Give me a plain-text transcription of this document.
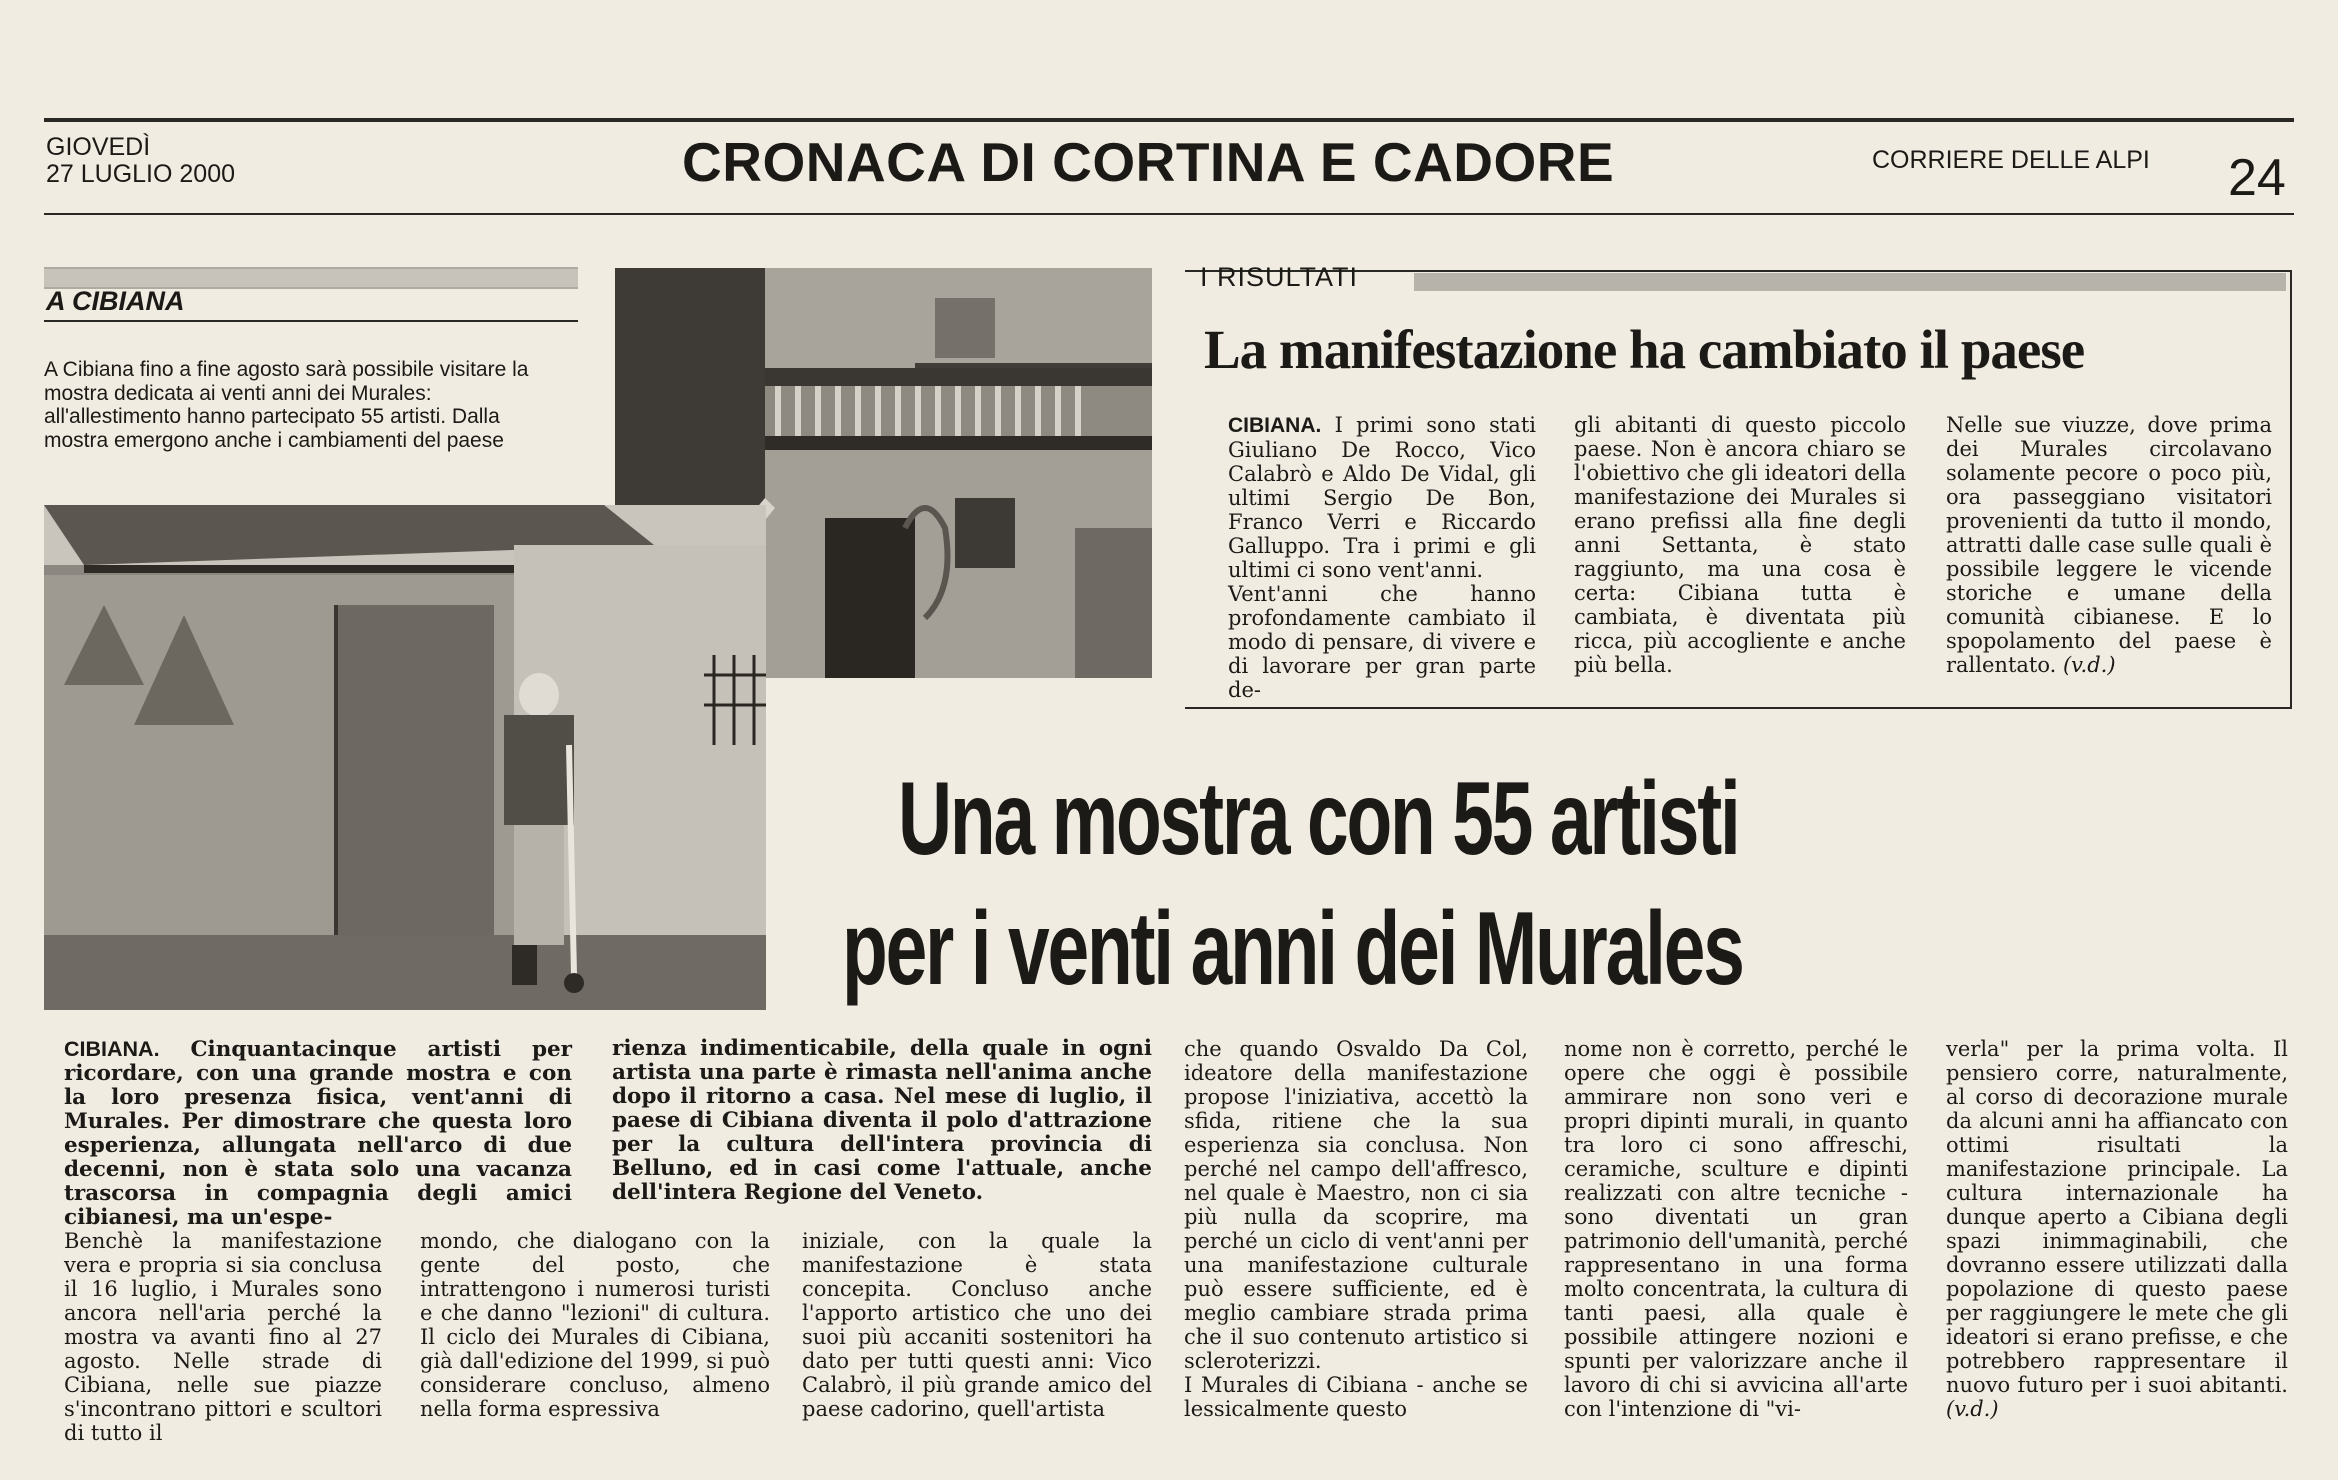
GIOVEDÌ
27 LUGLIO 2000	CRONACA DI CORTINA E CADORE	CORRIERE DELLE ALPI 24
A CIBIANA
A Cibiana fino a fine agosto sarà possibile visitare la mostra dedicata ai venti anni dei Murales: all'allestimento hanno partecipato 55 artisti. Dalla mostra emergono anche i cambiamenti del paese
I RISULTATI
La manifestazione ha cambiato il paese

CIBIANA. I primi sono stati Giuliano De Rocco, Vico Calabrò e Aldo De Vidal, gli ultimi Sergio De Bon, Franco Verri e Riccardo Galluppo. Tra i primi e gli ultimi ci sono vent'anni.

Vent'anni che hanno profondamente cambiato il modo di pensare, di vivere e di lavorare per gran parte de-

gli abitanti di questo piccolo paese. Non è ancora chiaro se l'obiettivo che gli ideatori della manifestazione dei Murales si erano prefissi alla fine degli anni Settanta, è stato raggiunto, ma una cosa è certa: Cibiana tutta è cambiata, è diventata più ricca, più accogliente e anche più bella.

Nelle sue viuzze, dove prima dei Murales circolavano solamente pecore o poco più, ora passeggiano visitatori provenienti da tutto il mondo, attratti dalle case sulle quali è possibile leggere le vicende storiche e umane della comunità cibianese. E lo spopolamento del paese è rallentato. (v.d.)

Una mostra con 55 artisti
per i venti anni dei Murales

CIBIANA. Cinquantacinque artisti per ricordare, con una grande mostra e con la loro presenza fisica, vent'anni di Murales. Per dimostrare che questa loro esperienza, allungata nell'arco di due decenni, non è stata solo una vacanza trascorsa in compagnia degli amici cibianesi, ma un'espe-

rienza indimenticabile, della quale in ogni artista una parte è rimasta nell'anima anche dopo il ritorno a casa. Nel mese di luglio, il paese di Cibiana diventa il polo d'attrazione per la cultura dell'intera provincia di Belluno, ed in casi come l'attuale, anche dell'intera Regione del Veneto.

Benchè la manifestazione vera e propria si sia conclusa il 16 luglio, i Murales sono ancora nell'aria perché la mostra va avanti fino al 27 agosto. Nelle strade di Cibiana, nelle sue piazze s'incontrano pittori e scultori di tutto il

mondo, che dialogano con la gente del posto, che intrattengono i numerosi turisti e che danno "lezioni" di cultura. Il ciclo dei Murales di Cibiana, già dall'edizione del 1999, si può considerare concluso, almeno nella forma espressiva

iniziale, con la quale la manifestazione è stata concepita. Concluso anche l'apporto artistico che uno dei suoi più accaniti sostenitori ha dato per tutti questi anni: Vico Calabrò, il più grande amico del paese cadorino, quell'artista

che quando Osvaldo Da Col, ideatore della manifestazione propose l'iniziativa, accettò la sfida, ritiene che la sua esperienza sia conclusa. Non perché nel campo dell'affresco, nel quale è Maestro, non ci sia più nulla da scoprire, ma perché un ciclo di vent'anni per una manifestazione culturale può essere sufficiente, ed è meglio cambiare strada prima che il suo contenuto artistico si scleroterizzi.

I Murales di Cibiana - anche se lessicalmente questo

nome non è corretto, perché le opere che oggi è possibile ammirare non sono veri e propri dipinti murali, in quanto tra loro ci sono affreschi, ceramiche, sculture e dipinti realizzati con altre tecniche - sono diventati un gran patrimonio dell'umanità, perché rappresentano in una forma molto concentrata, la cultura di tanti paesi, alla quale è possibile attingere nozioni e spunti per valorizzare anche il lavoro di chi si avvicina all'arte con l'intenzione di "vi-

verla" per la prima volta. Il pensiero corre, naturalmente, al corso di decorazione murale da alcuni anni ha affiancato con ottimi risultati la manifestazione principale. La cultura internazionale ha dunque aperto a Cibiana degli spazi inimmaginabili, che dovranno essere utilizzati dalla popolazione di questo paese per raggiungere le mete che gli ideatori si erano prefisse, e che potrebbero rappresentare il nuovo futuro per i suoi abitanti. (v.d.)
